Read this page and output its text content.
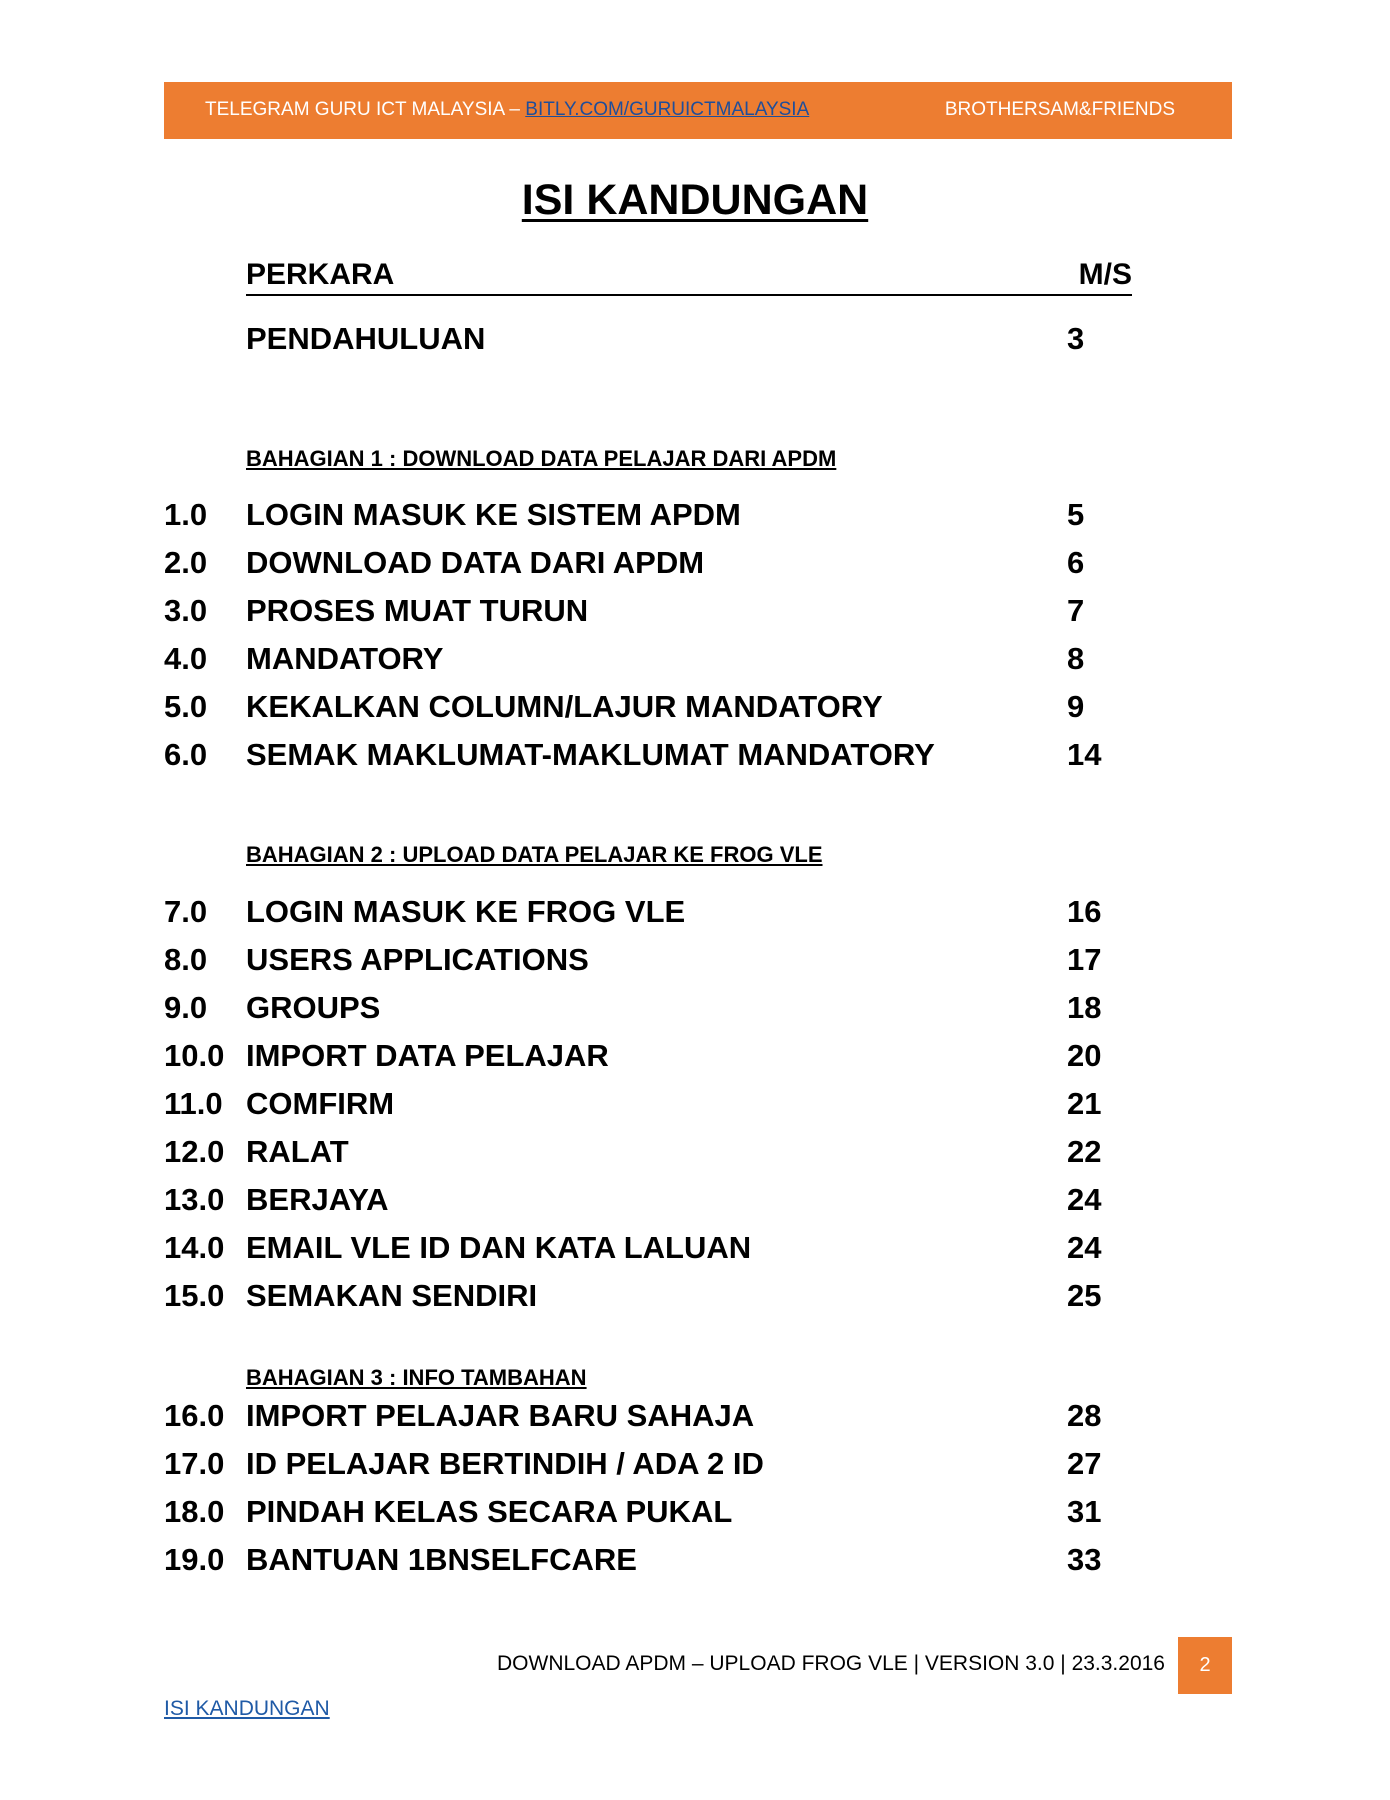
TELEGRAM GURU ICT MALAYSIA – BITLY.COM/GURUICTMALAYSIA	BROTHERSAM&FRIENDS
ISI KANDUNGAN
PERKARA	M/S
PENDAHULUAN	3
BAHAGIAN 1 : DOWNLOAD DATA PELAJAR DARI APDM
1.0 LOGIN MASUK KE SISTEM APDM	5
2.0 DOWNLOAD DATA DARI APDM	6
3.0 PROSES MUAT TURUN	7
4.0 MANDATORY	8
5.0 KEKALKAN COLUMN/LAJUR MANDATORY	9
6.0 SEMAK MAKLUMAT-MAKLUMAT MANDATORY	14
BAHAGIAN 2 : UPLOAD DATA PELAJAR KE FROG VLE
7.0 LOGIN MASUK KE FROG VLE	16
8.0 USERS APPLICATIONS	17
9.0 GROUPS	18
10.0 IMPORT DATA PELAJAR	20
11.0 COMFIRM	21
12.0 RALAT	22
13.0 BERJAYA	24
14.0 EMAIL VLE ID DAN KATA LALUAN	24
15.0 SEMAKAN SENDIRI	25
BAHAGIAN 3 : INFO TAMBAHAN
16.0 IMPORT PELAJAR BARU SAHAJA	28
17.0 ID PELAJAR BERTINDIH / ADA 2 ID	27
18.0 PINDAH KELAS SECARA PUKAL	31
19.0 BANTUAN 1BNSELFCARE	33
DOWNLOAD APDM – UPLOAD FROG VLE | VERSION 3.0 | 23.3.2016	2
ISI KANDUNGAN
